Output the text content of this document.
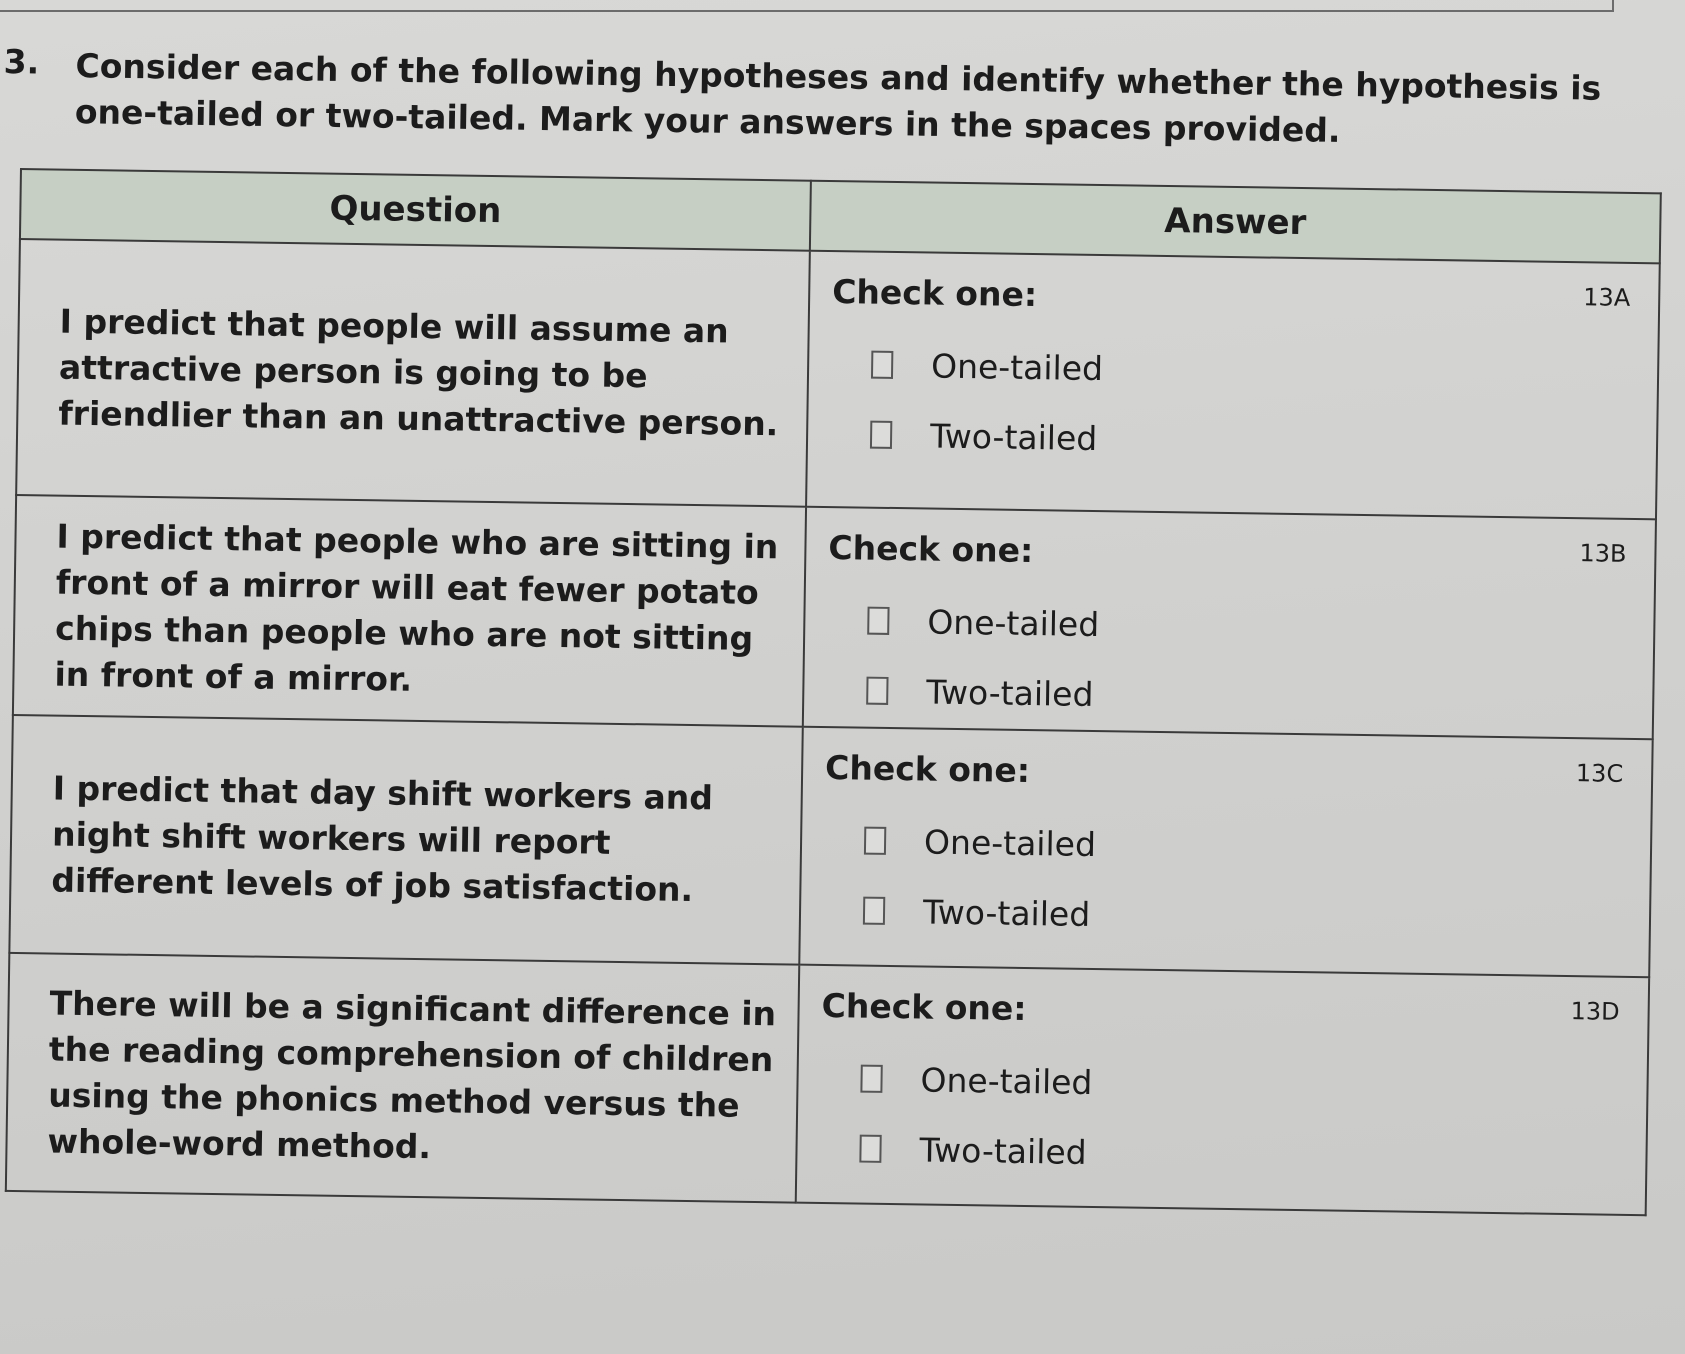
3. Consider each of the following hypotheses and identify whether the hypothesis is one-tailed or two-tailed. Mark your answers in the spaces provided.
Question	Answer
I predict that people will assume an attractive person is going to be friendlier than an unattractive person.	Check one: 13A
One-tailed
Two-tailed

I predict that people who are sitting in front of a mirror will eat fewer potato chips than people who are not sitting in front of a mirror.	Check one: 13B
One-tailed
Two-tailed

I predict that day shift workers and night shift workers will report different levels of job satisfaction.	Check one: 13C
One-tailed
Two-tailed

There will be a significant difference in the reading comprehension of children using the phonics method versus the whole-word method.	Check one: 13D
One-tailed
Two-tailed
